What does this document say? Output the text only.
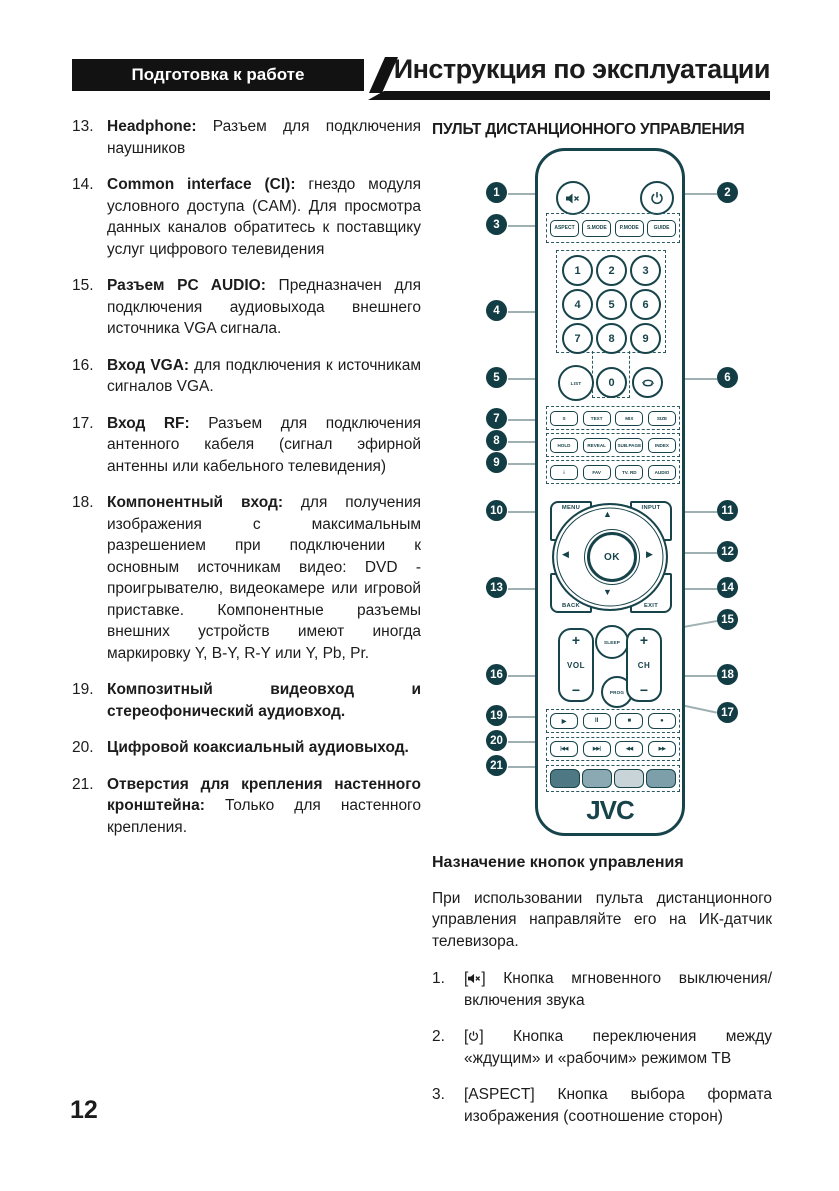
Подготовка к работе	Инструкция по эксплуатации
13. Headphone: Разъем для подключения наушников
14. Common interface (CI): гнездо модуля условного доступа (CAM). Для просмотра данных каналов обратитесь к поставщику услуг цифрового телевидения
15. Разъем PC AUDIO: Предназначен для подключения аудиовыхода внешнего источника VGA сигнала.
16. Вход VGA: для подключения к источникам сигналов VGA.
17. Вход RF: Разъем для подключения антенного кабеля (сигнал эфирной антенны или кабельного телевидения)
18. Компонентный вход: для получения изображения с максимальным разрешением при подключении к основным источникам видео: DVD - проигрывателю, видеокамере или игровой приставке. Компонентные разъемы внешних устройств имеют иногда маркировку Y, B-Y, R-Y или Y, Pb, Pr.
19. Композитный видеовход и стереофонический аудиовход.
20. Цифровой коаксиальный аудиовыход.
21. Отверстия для крепления настенного кронштейна: Только для настенного крепления.
ПУЛЬТ ДИСТАНЦИОННОГО УПРАВЛЕНИЯ
ASPECT S.MODE	P.MODE	GUIDE
1	2	3
4	5	6
7	8	9
LIST 0
S	TEXT	MIX	SIZE
HOLD	REVEAL	SUB.PAGE	INDEX
i	FAV	TV. RD	AUDIO
MENU	INPUT
BACK	EXIT
▲
▼
◀	▶
OK
SLEEP
PROG
+
VOL
−
+
CH
−
▶	II	■	●
|◀◀	▶▶|	◀◀	▶▶
JVC
1	2
3
4
5	6
7
8
9
10	11
12
13	14
15
16
17
18
19
20
21
Назначение кнопок управления
При использовании пульта дистанционного управления направляйте его на ИК-датчик телевизора.
1. [ ] Кнопка мгновенного выключения/ включения звука
2. [ ] Кнопка переключения между «ждущим» и «рабочим» режимом ТВ
3. [ASPECT] Кнопка выбора формата изображения (соотношение сторон)
12
